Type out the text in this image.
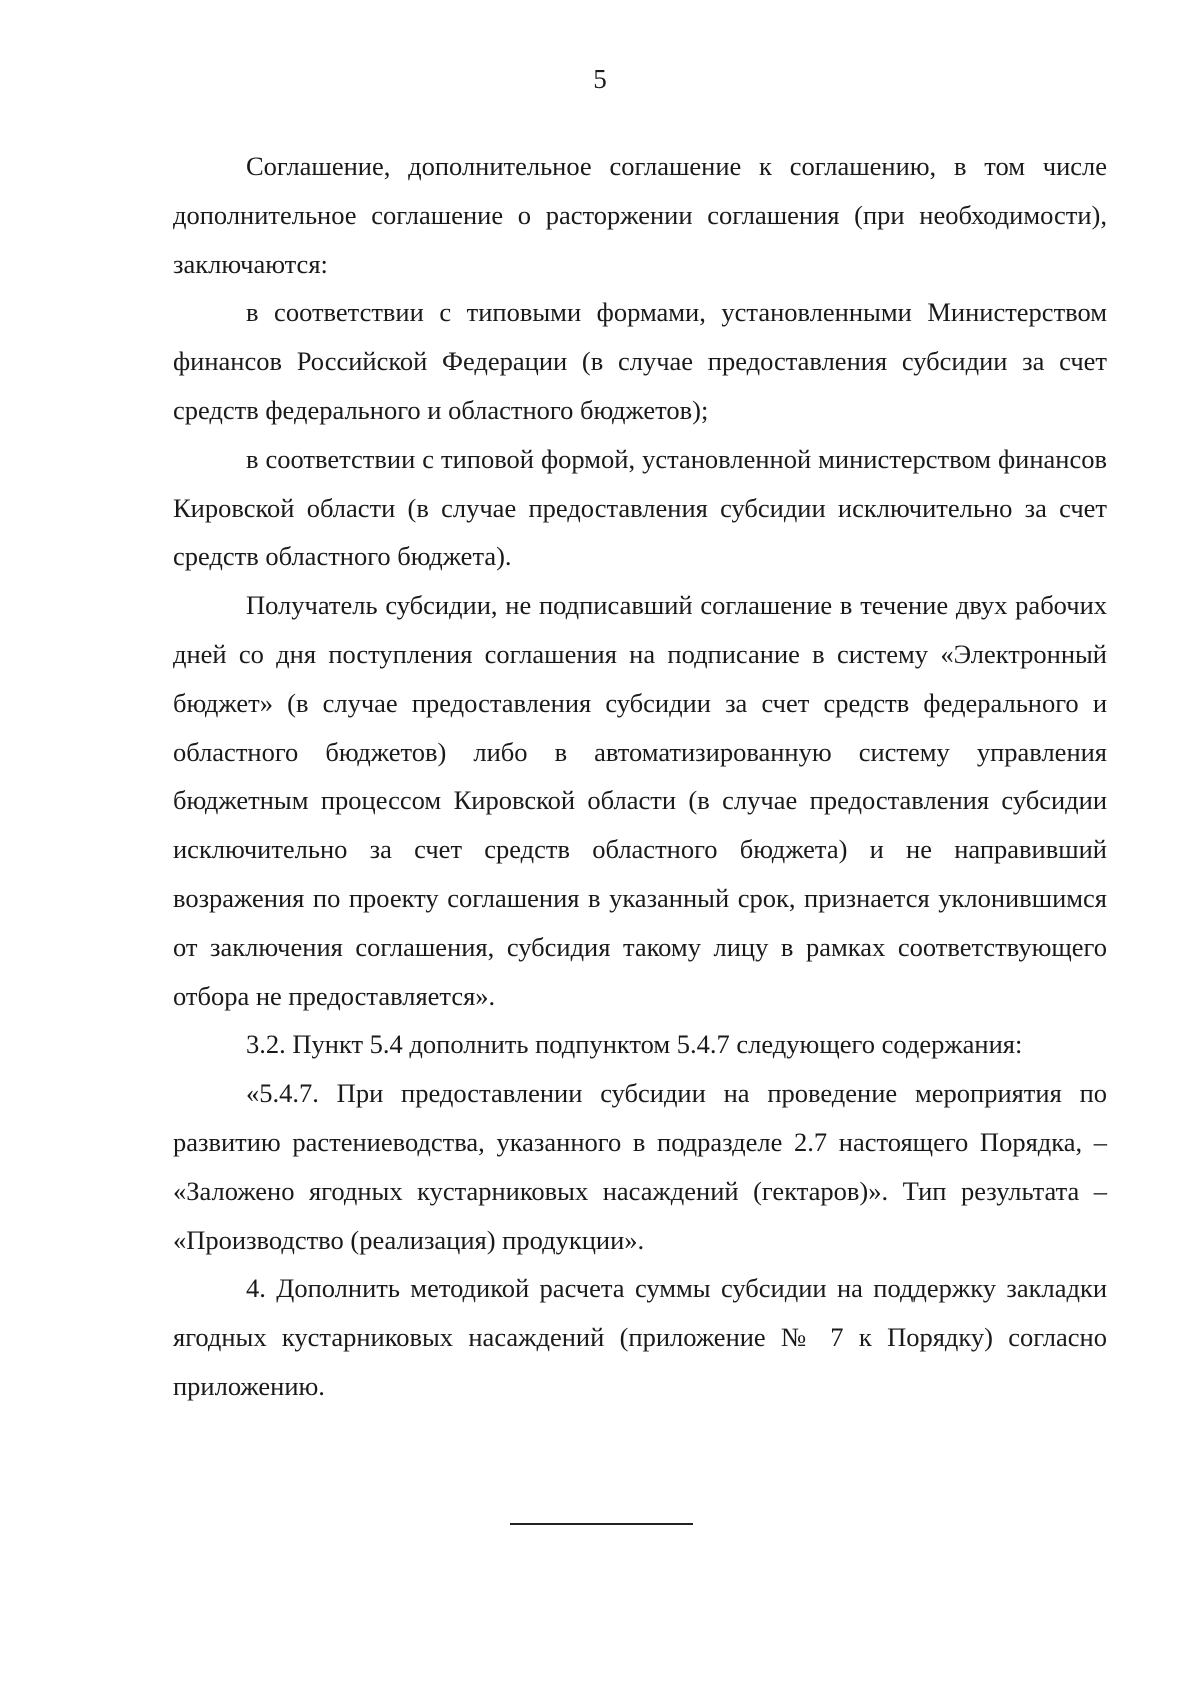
5

Соглашение, дополнительное соглашение к соглашению, в том числе дополнительное соглашение о расторжении соглашения (при необходимости), заключаются:

в соответствии с типовыми формами, установленными Министерством финансов Российской Федерации (в случае предоставления субсидии за счет средств федерального и областного бюджетов);

в соответствии с типовой формой, установленной министерством финансов Кировской области (в случае предоставления субсидии исключительно за счет средств областного бюджета).

Получатель субсидии, не подписавший соглашение в течение двух рабочих дней со дня поступления соглашения на подписание в систему «Электронный бюджет» (в случае предоставления субсидии за счет средств федерального и областного бюджетов) либо в автоматизированную систему управления бюджетным процессом Кировской области (в случае предоставления субсидии исключительно за счет средств областного бюджета) и не направивший возражения по проекту соглашения в указанный срок, признается уклонившимся от заключения соглашения, субсидия такому лицу в рамках соответствующего отбора не предоставляется».

3.2. Пункт 5.4 дополнить подпунктом 5.4.7 следующего содержания:

«5.4.7. При предоставлении субсидии на проведение мероприятия по развитию растениеводства, указанного в подразделе 2.7 настоящего Порядка, – «Заложено ягодных кустарниковых насаждений (гектаров)». Тип результата – «Производство (реализация) продукции».

4. Дополнить методикой расчета суммы субсидии на поддержку закладки ягодных кустарниковых насаждений (приложение № 7 к Порядку) согласно приложению.
